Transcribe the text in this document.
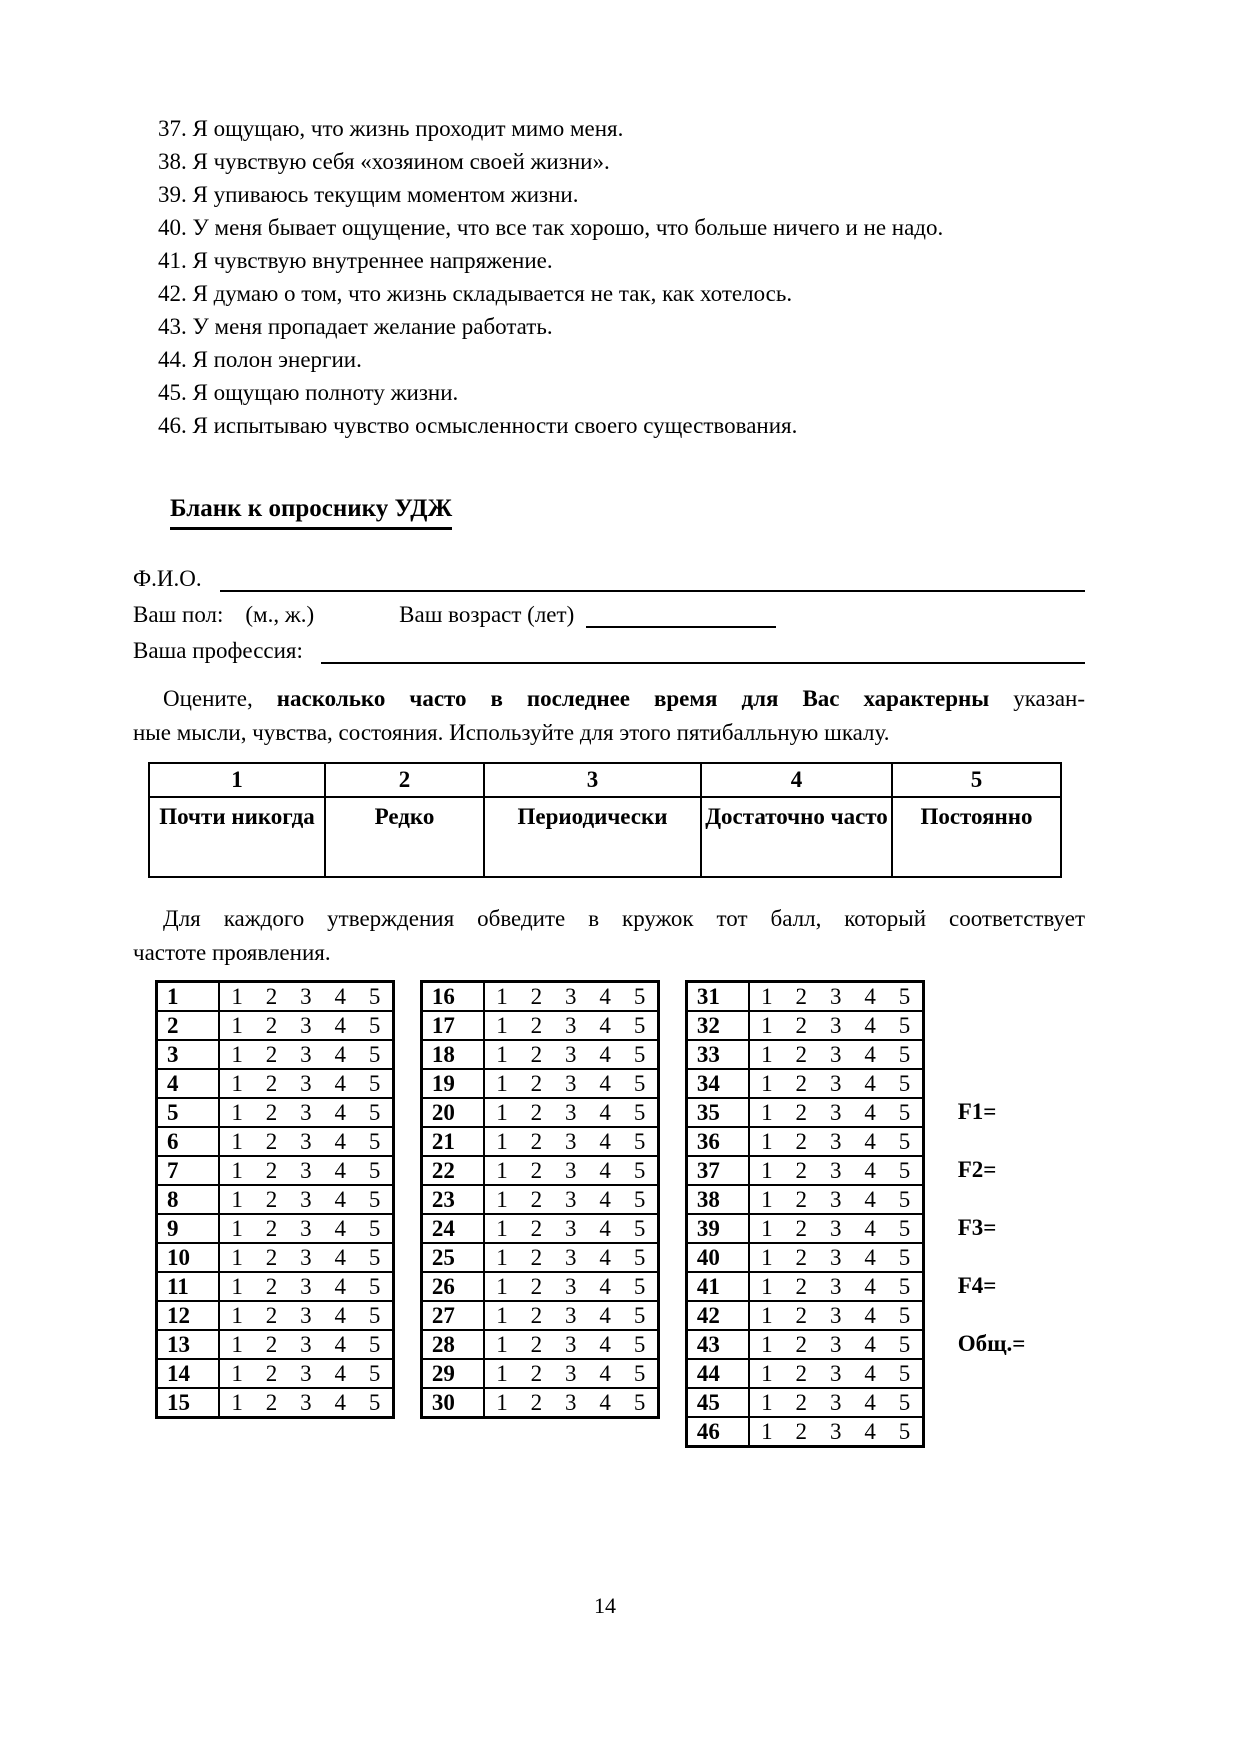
37. Я ощущаю, что жизнь проходит мимо меня.
38. Я чувствую себя «хозяином своей жизни».
39. Я упиваюсь текущим моментом жизни.
40. У меня бывает ощущение, что все так хорошо, что больше ничего и не надо.
41. Я чувствую внутреннее напряжение.
42. Я думаю о том, что жизнь складывается не так, как хотелось.
43. У меня пропадает желание работать.
44. Я полон энергии.
45. Я ощущаю полноту жизни.
46. Я испытываю чувство осмысленности своего существования.
Бланк к опроснику УДЖ
Ф.И.О.
Ваш пол: (м., ж.)	Ваш возраст (лет)
Ваша профессия:

Оцените, насколько часто в последнее время для Вас характерны указан-
ные мысли, чувства, состояния. Используйте для этого пятибалльную шкалу.

1	2	3	4	5
Почти никогда	Редко	Периодически	Достаточно часто	Постоянно

Для каждого утверждения обведите в кружок тот балл, который соответствует
частоте проявления.

1	1 2 3 4 5

2	1 2 3 4 5

3	1 2 3 4 5

4	1 2 3 4 5

5	1 2 3 4 5

6	1 2 3 4 5

7	1 2 3 4 5

8	1 2 3 4 5

9	1 2 3 4 5

10	1 2 3 4 5

11	1 2 3 4 5

12	1 2 3 4 5

13	1 2 3 4 5

14	1 2 3 4 5

15	1 2 3 4 5
16	1 2 3 4 5

17	1 2 3 4 5

18	1 2 3 4 5

19	1 2 3 4 5

20	1 2 3 4 5

21	1 2 3 4 5

22	1 2 3 4 5

23	1 2 3 4 5

24	1 2 3 4 5

25	1 2 3 4 5

26	1 2 3 4 5

27	1 2 3 4 5

28	1 2 3 4 5

29	1 2 3 4 5

30	1 2 3 4 5
31	1 2 3 4 5

32	1 2 3 4 5

33	1 2 3 4 5

34	1 2 3 4 5

35	1 2 3 4 5

36	1 2 3 4 5

37	1 2 3 4 5

38	1 2 3 4 5

39	1 2 3 4 5

40	1 2 3 4 5

41	1 2 3 4 5

42	1 2 3 4 5

43	1 2 3 4 5

44	1 2 3 4 5

45	1 2 3 4 5

46	1 2 3 4 5
F1=
F2=
F3=
F4=
Общ.=
14
